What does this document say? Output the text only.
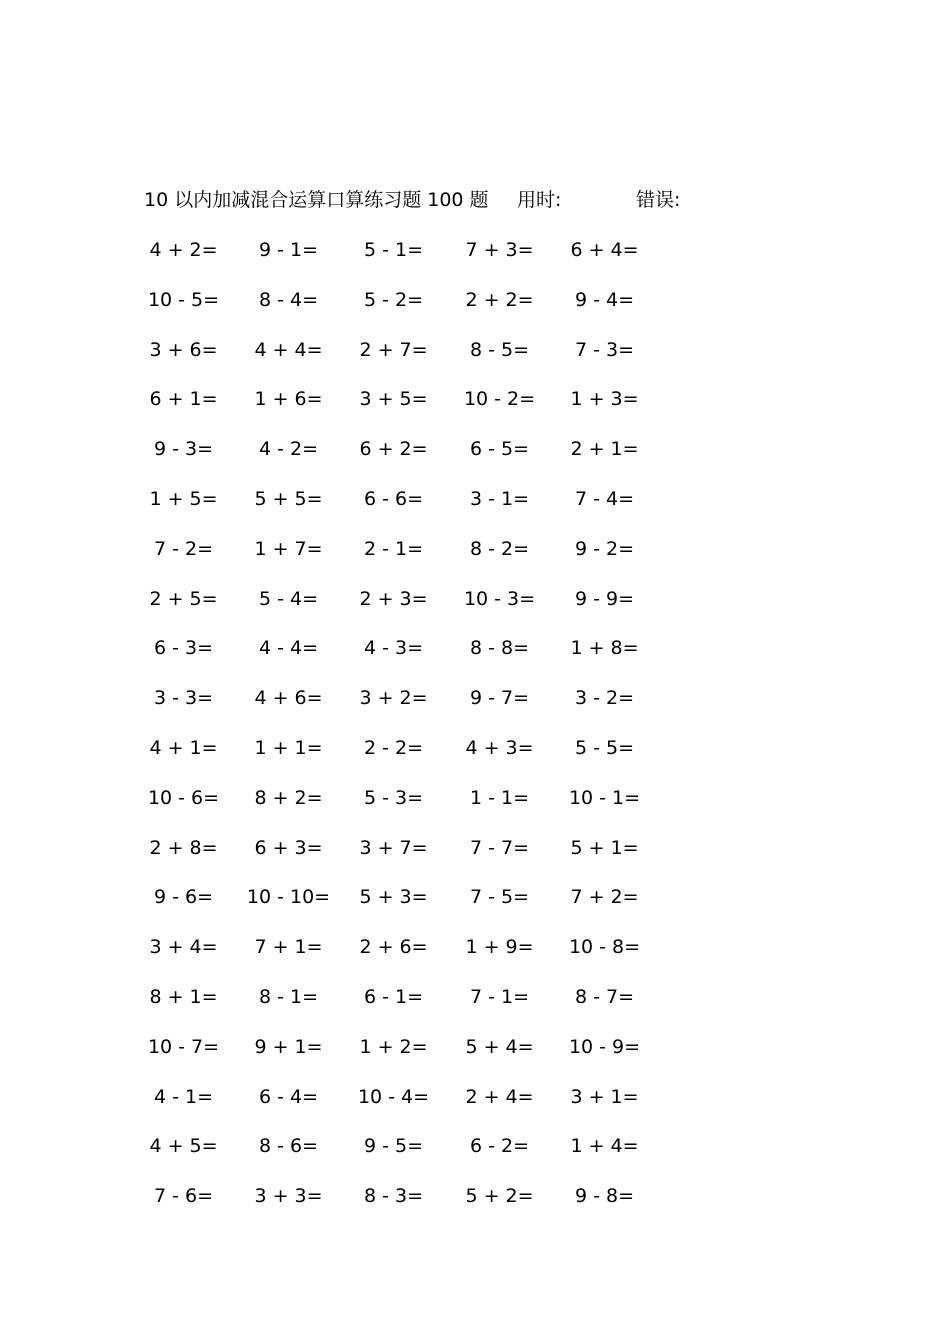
10 以内加减混合运算口算练习题 100 题 用时:	错误:
4 + 2=	9 - 1=	5 - 1=	7 + 3=	6 + 4=
10 - 5=	8 - 4=	5 - 2=	2 + 2=	9 - 4=
3 + 6=	4 + 4=	2 + 7=	8 - 5=	7 - 3=
6 + 1=	1 + 6=	3 + 5=	10 - 2=	1 + 3=
9 - 3=	4 - 2=	6 + 2=	6 - 5=	2 + 1=
1 + 5=	5 + 5=	6 - 6=	3 - 1=	7 - 4=
7 - 2=	1 + 7=	2 - 1=	8 - 2=	9 - 2=
2 + 5=	5 - 4=	2 + 3=	10 - 3=	9 - 9=
6 - 3=	4 - 4=	4 - 3=	8 - 8=	1 + 8=
3 - 3=	4 + 6=	3 + 2=	9 - 7=	3 - 2=
4 + 1=	1 + 1=	2 - 2=	4 + 3=	5 - 5=
10 - 6=	8 + 2=	5 - 3=	1 - 1=	10 - 1=
2 + 8=	6 + 3=	3 + 7=	7 - 7=	5 + 1=
9 - 6=	10 - 10=	5 + 3=	7 - 5=	7 + 2=
3 + 4=	7 + 1=	2 + 6=	1 + 9=	10 - 8=
8 + 1=	8 - 1=	6 - 1=	7 - 1=	8 - 7=
10 - 7=	9 + 1=	1 + 2=	5 + 4=	10 - 9=
4 - 1=	6 - 4=	10 - 4=	2 + 4=	3 + 1=
4 + 5=	8 - 6=	9 - 5=	6 - 2=	1 + 4=
7 - 6=	3 + 3=	8 - 3=	5 + 2=	9 - 8=
